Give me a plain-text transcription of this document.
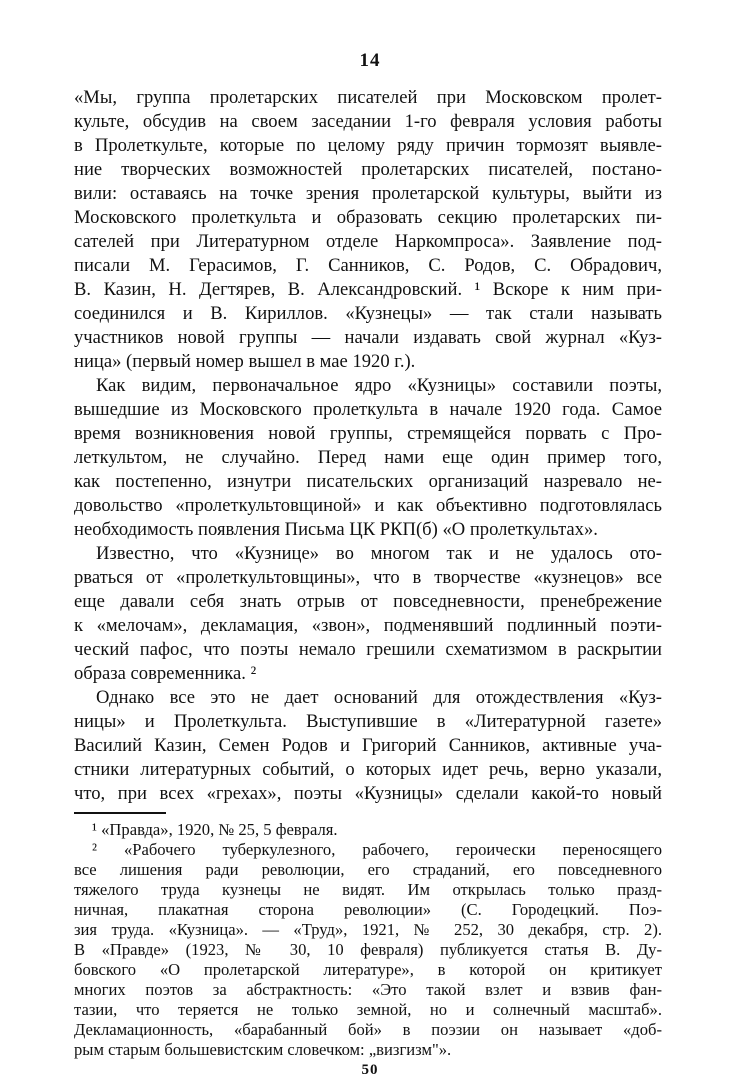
14
«Мы, группа пролетарских писателей при Московском пролет-
культе, обсудив на своем заседании 1-го февраля условия работы
в Пролеткульте, которые по целому ряду причин тормозят выявле-
ние творческих возможностей пролетарских писателей, постано-
вили: оставаясь на точке зрения пролетарской культуры, выйти из
Московского пролеткульта и образовать секцию пролетарских пи-
сателей при Литературном отделе Наркомпроса». Заявление под-
писали М. Герасимов, Г. Санников, С. Родов, С. Обрадович,
В. Казин, Н. Дегтярев, В. Александровский. ¹ Вскоре к ним при-
соединился и В. Кириллов. «Кузнецы» — так стали называть
участников новой группы — начали издавать свой журнал «Куз-
ница» (первый номер вышел в мае 1920 г.).
Как видим, первоначальное ядро «Кузницы» составили поэты,
вышедшие из Московского пролеткульта в начале 1920 года. Самое
время возникновения новой группы, стремящейся порвать с Про-
леткультом, не случайно. Перед нами еще один пример того,
как постепенно, изнутри писательских организаций назревало не-
довольство «пролеткультовщиной» и как объективно подготовлялась
необходимость появления Письма ЦК РКП(б) «О пролеткультах».
Известно, что «Кузнице» во многом так и не удалось ото-
рваться от «пролеткультовщины», что в творчестве «кузнецов» все
еще давали себя знать отрыв от повседневности, пренебрежение
к «мелочам», декламация, «звон», подменявший подлинный поэти-
ческий пафос, что поэты немало грешили схематизмом в раскрытии
образа современника. ²
Однако все это не дает оснований для отождествления «Куз-
ницы» и Пролеткульта. Выступившие в «Литературной газете»
Василий Казин, Семен Родов и Григорий Санников, активные уча-
стники литературных событий, о которых идет речь, верно указали,
что, при всех «грехах», поэты «Кузницы» сделали какой-то новый
¹ «Правда», 1920, № 25, 5 февраля.
² «Рабочего туберкулезного, рабочего, героически переносящего
все лишения ради революции, его страданий, его повседневного
тяжелого труда кузнецы не видят. Им открылась только празд-
ничная, плакатная сторона революции» (С. Городецкий. Поэ-
зия труда. «Кузница». — «Труд», 1921, № 252, 30 декабря, стр. 2).
В «Правде» (1923, № 30, 10 февраля) публикуется статья В. Ду-
бовского «О пролетарской литературе», в которой он критикует
многих поэтов за абстрактность: «Это такой взлет и взвив фан-
тазии, что теряется не только земной, но и солнечный масштаб».
Декламационность, «барабанный бой» в поэзии он называет «доб-
рым старым большевистским словечком: „визгизм"».
50
